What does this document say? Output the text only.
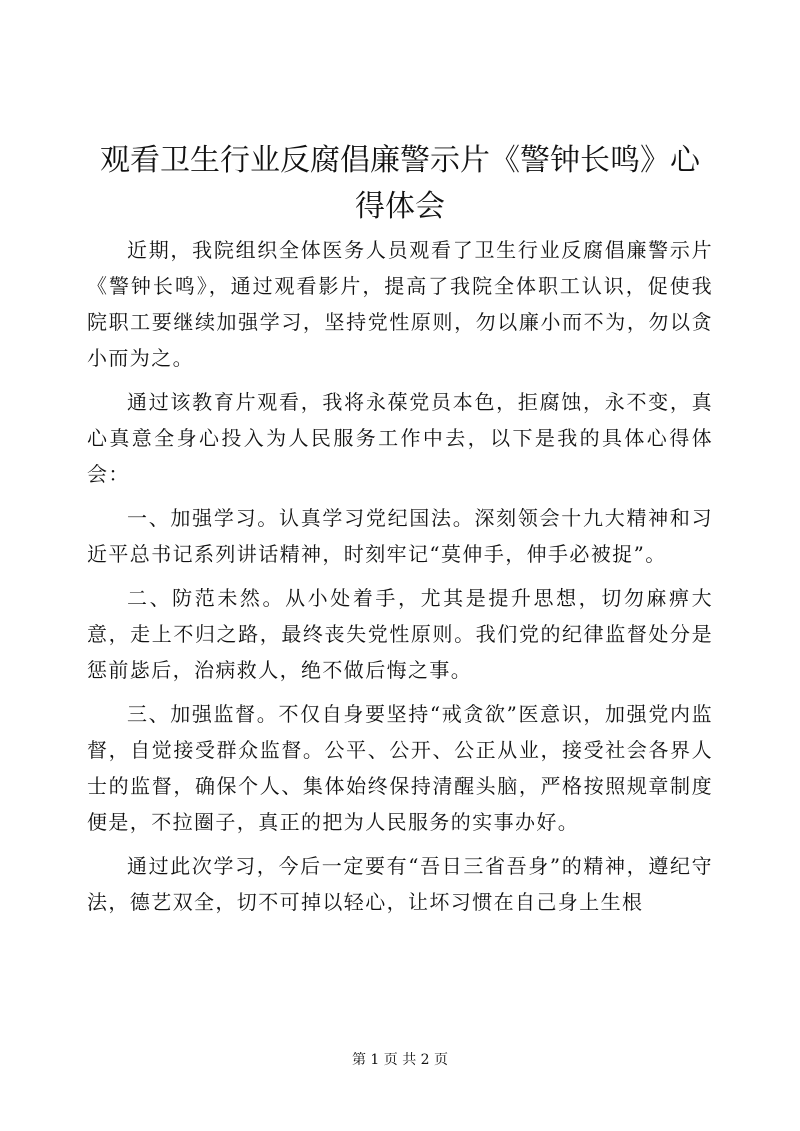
观看卫生行业反腐倡廉警示片《警钟长鸣》心得体会

近期，我院组织全体医务人员观看了卫生行业反腐倡廉警示片《警钟长鸣》，通过观看影片，提高了我院全体职工认识，促使我院职工要继续加强学习，坚持党性原则，勿以廉小而不为，勿以贪小而为之。

通过该教育片观看，我将永葆党员本色，拒腐蚀，永不变，真心真意全身心投入为人民服务工作中去，以下是我的具体心得体会：

一、加强学习。认真学习党纪国法。深刻领会十九大精神和习近平总书记系列讲话精神，时刻牢记“莫伸手，伸手必被捉”。

二、防范未然。从小处着手，尤其是提升思想，切勿麻痹大意，走上不归之路，最终丧失党性原则。我们党的纪律监督处分是惩前毖后，治病救人，绝不做后悔之事。

三、加强监督。不仅自身要坚持“戒贪欲”医意识，加强党内监督，自觉接受群众监督。公平、公开、公正从业，接受社会各界人士的监督，确保个人、集体始终保持清醒头脑，严格按照规章制度便是，不拉圈子，真正的把为人民服务的实事办好。

通过此次学习，今后一定要有“吾日三省吾身”的精神，遵纪守法，德艺双全，切不可掉以轻心，让坏习惯在自己身上生根

第 1 页 共 2 页
